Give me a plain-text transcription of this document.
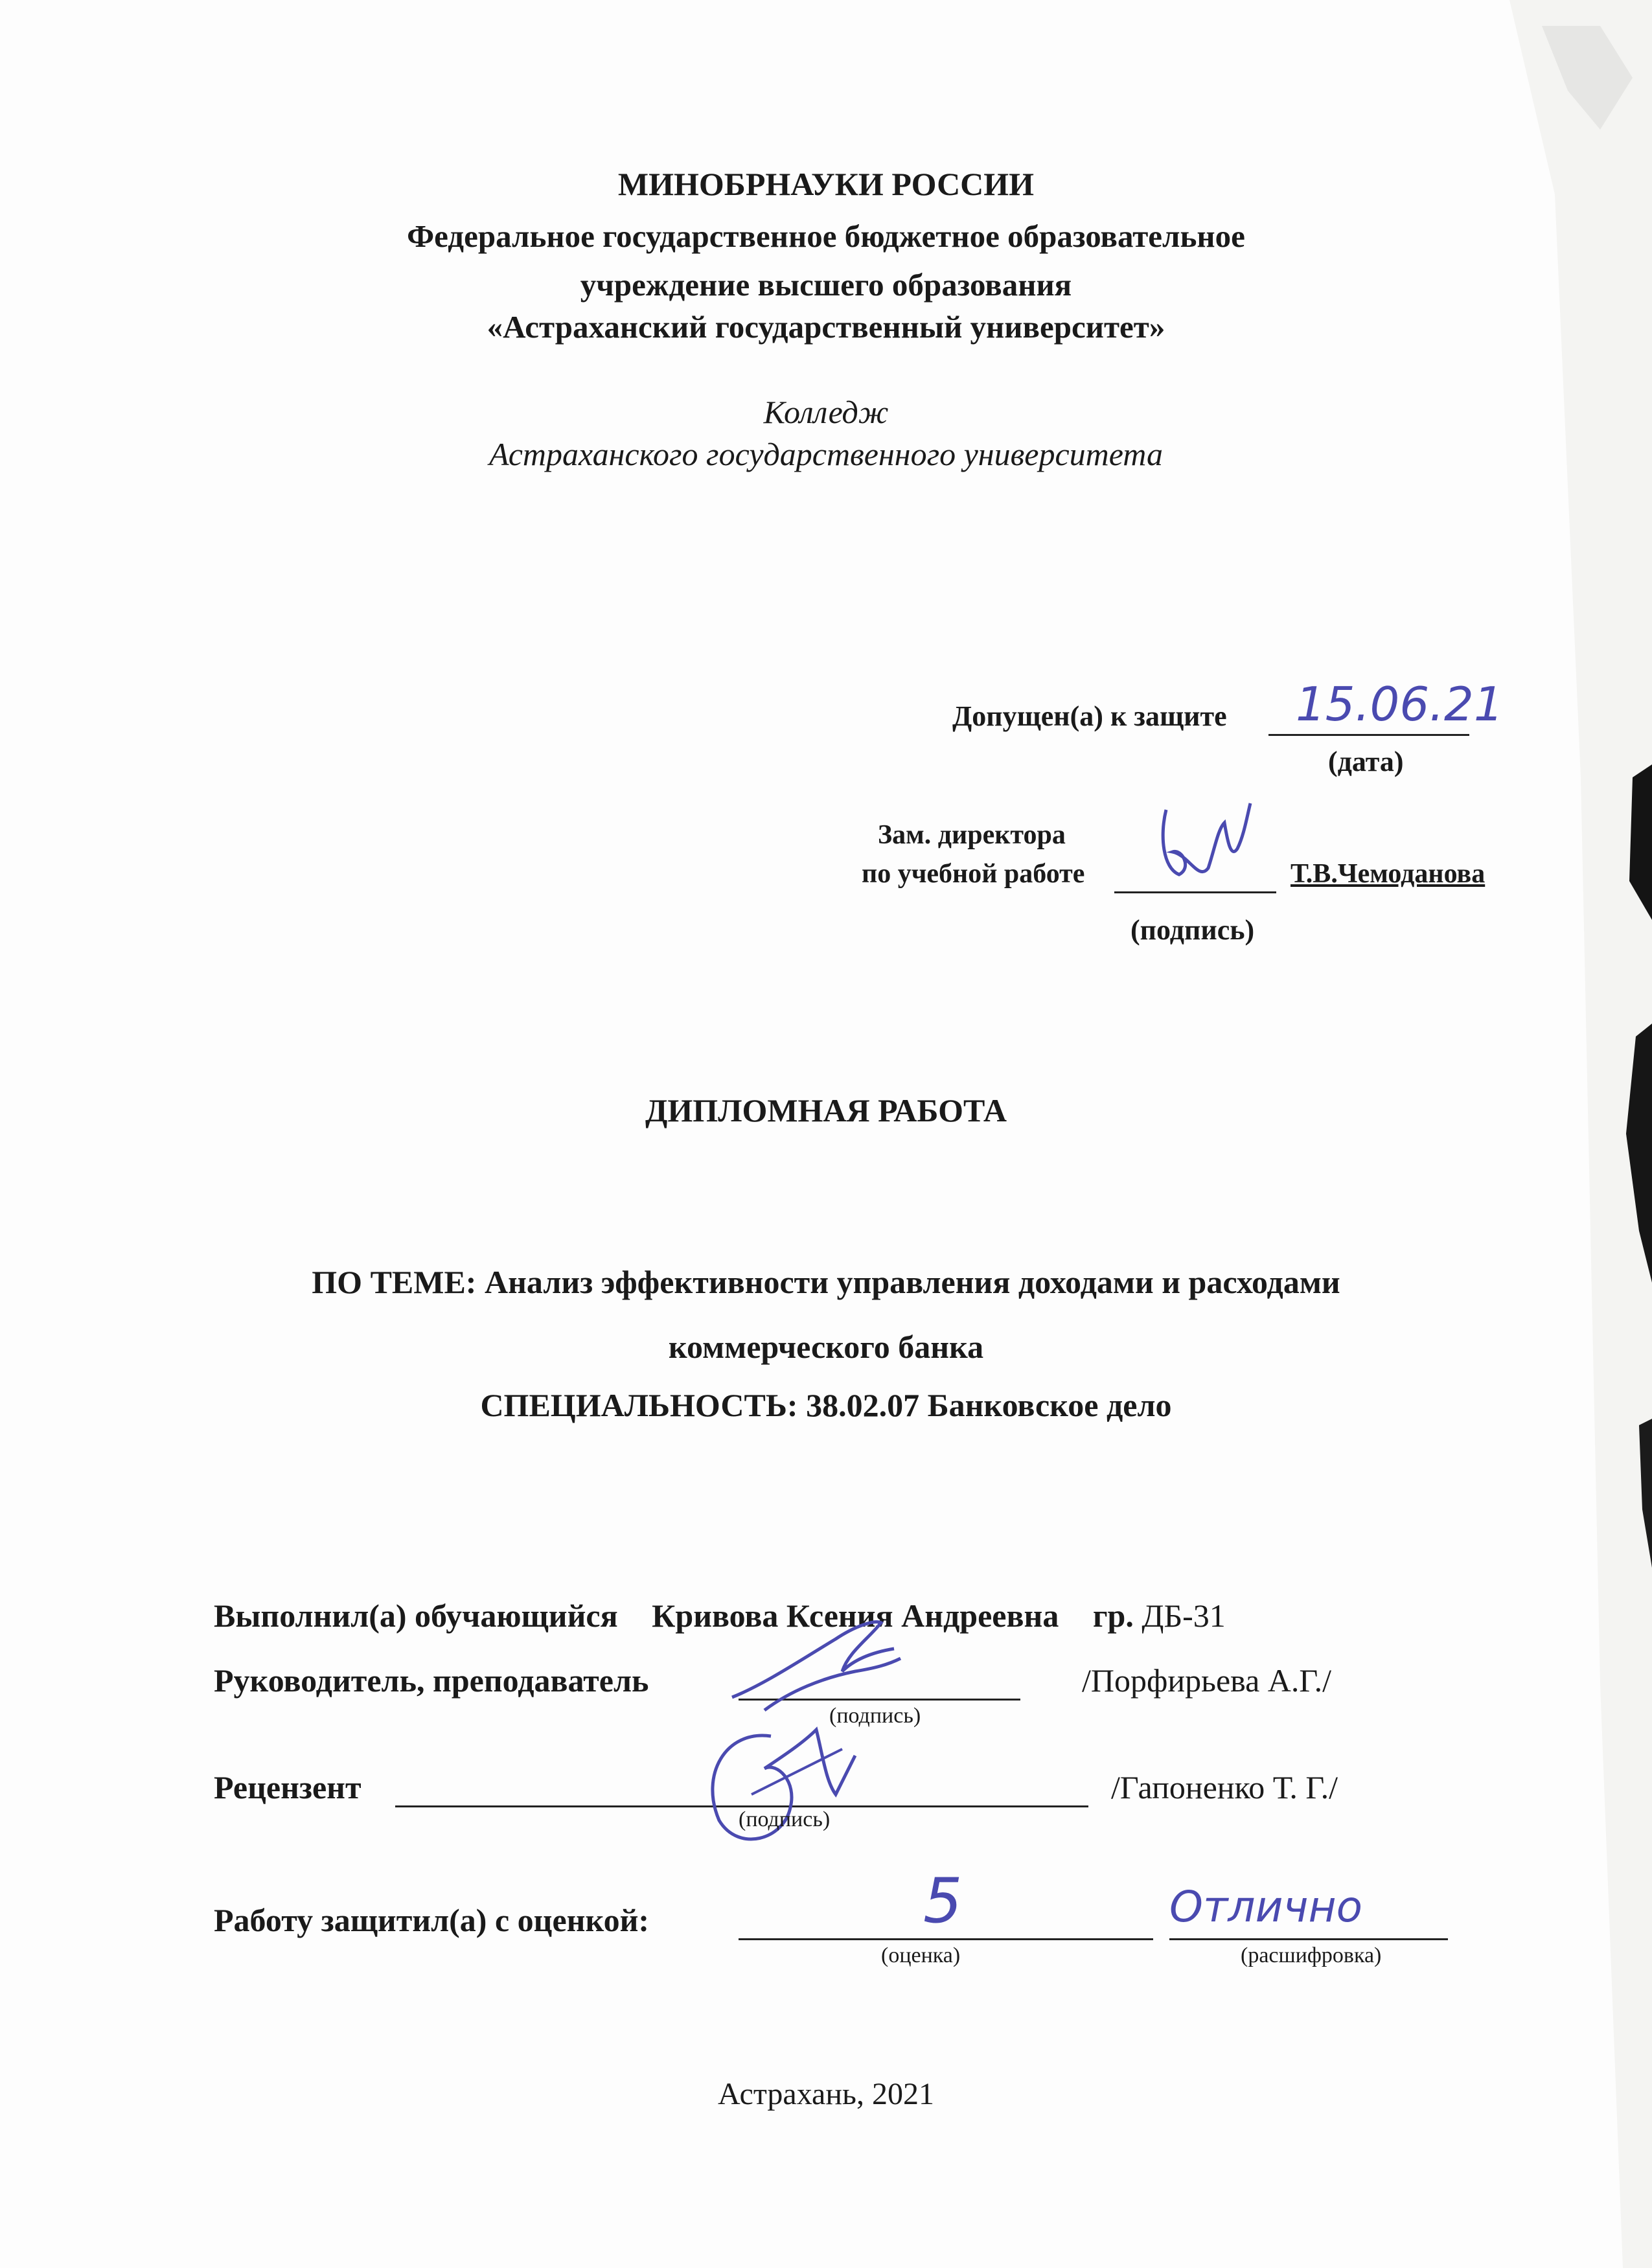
МИНОБРНАУКИ РОССИИ
Федеральное государственное бюджетное образовательное
учреждение высшего образования
«Астраханский государственный университет»
Колледж
Астраханского государственного университета
Допущен(а) к защите 15.06.21
(дата)
Зам. директора
по учебной работе	Т.В.Чемоданова
(подпись)
ДИПЛОМНАЯ РАБОТА
ПО ТЕМЕ: Анализ эффективности управления доходами и расходами
коммерческого банка
СПЕЦИАЛЬНОСТЬ: 38.02.07 Банковское дело
Выполнил(а) обучающийся Кривова Ксения Андреевна гр. ДБ-31
Руководитель, преподаватель	/Порфирьева А.Г./
(подпись)
Рецензент	/Гапоненко Т. Г./
(подпись)
Работу защитил(а) с оценкой:	5
(оценка)
Отлично
(расшифровка)
Астрахань, 2021
